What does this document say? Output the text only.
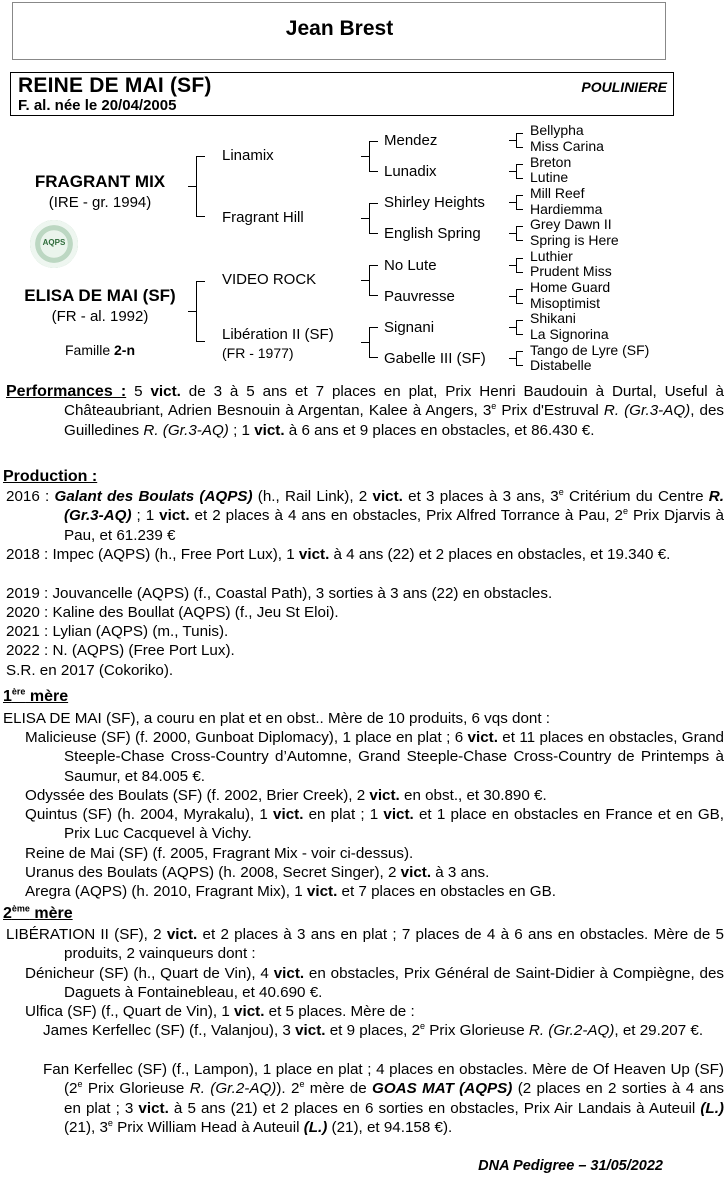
Jean Brest
REINE DE MAI (SF)	POULINIERE
F. al. née le 20/04/2005
FRAGRANT MIX
(IRE - gr. 1994)
AQPS
ELISA DE MAI (SF)
(FR - al. 1992)
Famille 2-n
Linamix
Fragrant Hill
VIDEO ROCK
Libération II (SF)
(FR - 1977)
Mendez
Lunadix
Shirley Heights
English Spring
No Lute
Pauvresse
Signani
Gabelle III (SF)
Bellypha
Miss Carina
Breton
Lutine
Mill Reef
Hardiemma
Grey Dawn II
Spring is Here
Luthier
Prudent Miss
Home Guard
Misoptimist
Shikani
La Signorina
Tango de Lyre (SF)
Distabelle
Performances : 5 vict. de 3 à 5 ans et 7 places en plat, Prix Henri Baudouin à Durtal, Useful à Châteaubriant, Adrien Besnouin à Argentan, Kalee à Angers, 3e Prix d'Estruval R. (Gr.3-AQ), des Guilledines R. (Gr.3-AQ) ; 1 vict. à 6 ans et 9 places en obstacles, et 86.430 €.
Production :
2016 : Galant des Boulats (AQPS) (h., Rail Link), 2 vict. et 3 places à 3 ans, 3e Critérium du Centre R. (Gr.3-AQ) ; 1 vict. et 2 places à 4 ans en obstacles, Prix Alfred Torrance à Pau, 2e Prix Djarvis à Pau, et 61.239 €
2018 : Impec (AQPS) (h., Free Port Lux), 1 vict. à 4 ans (22) et 2 places en obstacles, et 19.340 €.
2019 : Jouvancelle (AQPS) (f., Coastal Path), 3 sorties à 3 ans (22) en obstacles.
2020 : Kaline des Boullat (AQPS) (f., Jeu St Eloi).
2021 : Lylian (AQPS) (m., Tunis).
2022 : N. (AQPS) (Free Port Lux).
S.R. en 2017 (Cokoriko).
1ère mère
ELISA DE MAI (SF), a couru en plat et en obst.. Mère de 10 produits, 6 vqs dont :
Malicieuse (SF) (f. 2000, Gunboat Diplomacy), 1 place en plat ; 6 vict. et 11 places en obstacles, Grand Steeple-Chase Cross-Country d’Automne, Grand Steeple-Chase Cross-Country de Printemps à Saumur, et 84.005 €.
Odyssée des Boulats (SF) (f. 2002, Brier Creek), 2 vict. en obst., et 30.890 €.
Quintus (SF) (h. 2004, Myrakalu), 1 vict. en plat ; 1 vict. et 1 place en obstacles en France et en GB, Prix Luc Cacquevel à Vichy.
Reine de Mai (SF) (f. 2005, Fragrant Mix - voir ci-dessus).
Uranus des Boulats (AQPS) (h. 2008, Secret Singer), 2 vict. à 3 ans.
Aregra (AQPS) (h. 2010, Fragrant Mix), 1 vict. et 7 places en obstacles en GB.
2ème mère
LIBÉRATION II (SF), 2 vict. et 2 places à 3 ans en plat ; 7 places de 4 à 6 ans en obstacles. Mère de 5 produits, 2 vainqueurs dont :
Dénicheur (SF) (h., Quart de Vin), 4 vict. en obstacles, Prix Général de Saint-Didier à Compiègne, des Daguets à Fontainebleau, et 40.690 €.
Ulfica (SF) (f., Quart de Vin), 1 vict. et 5 places. Mère de :
James Kerfellec (SF) (f., Valanjou), 3 vict. et 9 places, 2e Prix Glorieuse R. (Gr.2-AQ), et 29.207 €.
Fan Kerfellec (SF) (f., Lampon), 1 place en plat ; 4 places en obstacles. Mère de Of Heaven Up (SF) (2e Prix Glorieuse R. (Gr.2-AQ)). 2e mère de GOAS MAT (AQPS) (2 places en 2 sorties à 4 ans en plat ; 3 vict. à 5 ans (21) et 2 places en 6 sorties en obstacles, Prix Air Landais à Auteuil (L.) (21), 3e Prix William Head à Auteuil (L.) (21), et 94.158 €).
DNA Pedigree – 31/05/2022
